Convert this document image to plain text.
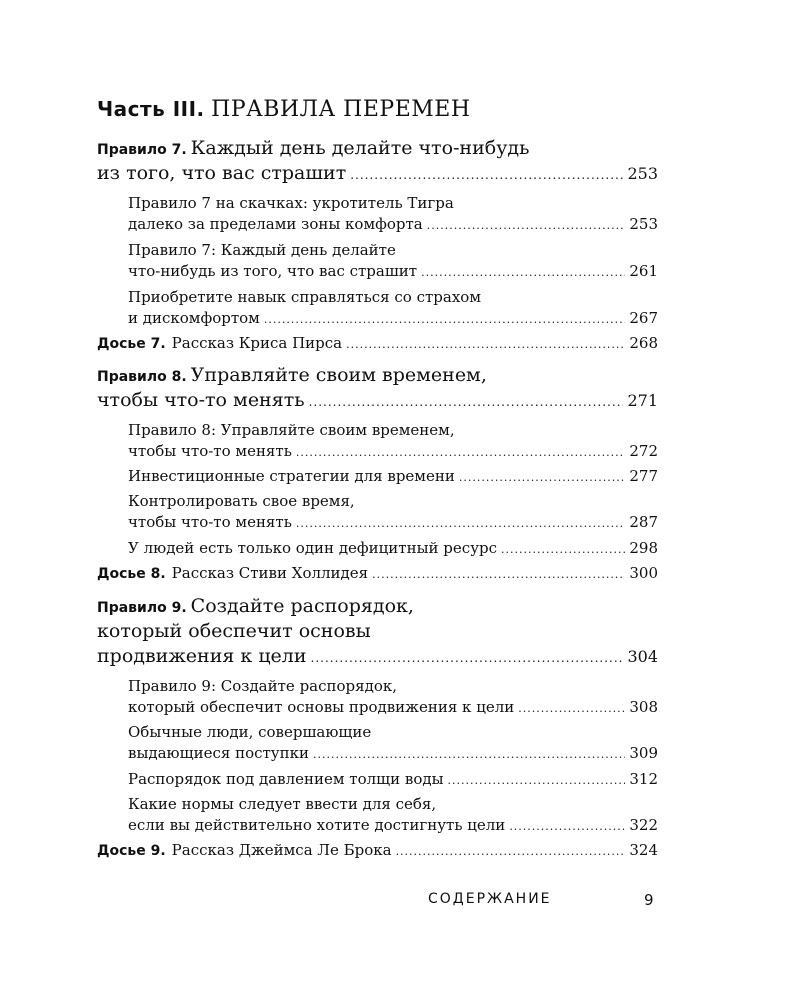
Часть III. ПРАВИЛА ПЕРЕМЕН
Правило 7. Каждый день делайте что-нибудь
из того, что вас страшит .....	253
Правило 7 на скачках: укротитель Тигра
далеко за пределами зоны комфорта .....	253
Правило 7: Каждый день делайте
что-нибудь из того, что вас страшит .....	261
Приобретите навык справляться со страхом
и дискомфортом .....	267
Досье 7. Рассказ Криса Пирса .....	268
Правило 8. Управляйте своим временем,
чтобы что-то менять .....	271
Правило 8: Управляйте своим временем,
чтобы что-то менять .....	272
Инвестиционные стратегии для времени .....	277
Контролировать свое время,
чтобы что-то менять .....	287
У людей есть только один дефицитный ресурс .....	298
Досье 8. Рассказ Стиви Холлидея .....	300
Правило 9. Создайте распорядок,
который обеспечит основы
продвижения к цели .....	304
Правило 9: Создайте распорядок,
который обеспечит основы продвижения к цели .....	308
Обычные люди, совершающие
выдающиеся поступки .....	309
Распорядок под давлением толщи воды .....	312
Какие нормы следует ввести для себя,
если вы действительно хотите достигнуть цели .....	322
Досье 9. Рассказ Джеймса Ле Брока .....	324
СОДЕРЖАНИЕ	9
